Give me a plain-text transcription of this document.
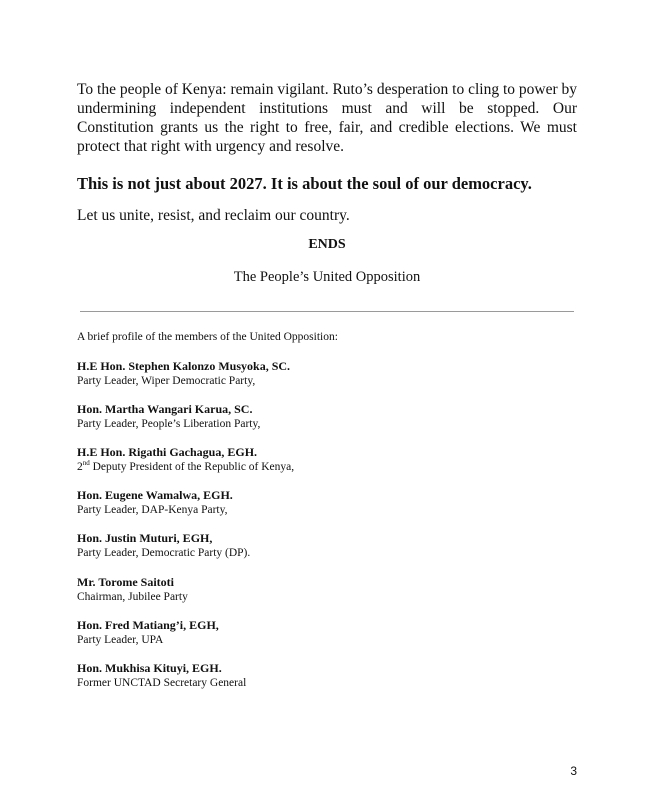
To the people of Kenya: remain vigilant. Ruto’s desperation to cling to power by undermining independent institutions must and will be stopped. Our Constitution grants us the right to free, fair, and credible elections. We must protect that right with urgency and resolve.

This is not just about 2027. It is about the soul of our democracy.

Let us unite, resist, and reclaim our country.

ENDS
The People’s United Opposition
A brief profile of the members of the United Opposition:
H.E Hon. Stephen Kalonzo Musyoka, SC.
Party Leader, Wiper Democratic Party,
Hon. Martha Wangari Karua, SC.
Party Leader, People’s Liberation Party,
H.E Hon. Rigathi Gachagua, EGH.
2nd Deputy President of the Republic of Kenya,
Hon. Eugene Wamalwa, EGH.
Party Leader, DAP-Kenya Party,
Hon. Justin Muturi, EGH,
Party Leader, Democratic Party (DP).
Mr. Torome Saitoti
Chairman, Jubilee Party
Hon. Fred Matiang’i, EGH,
Party Leader, UPA
Hon. Mukhisa Kituyi, EGH.
Former UNCTAD Secretary General
3
